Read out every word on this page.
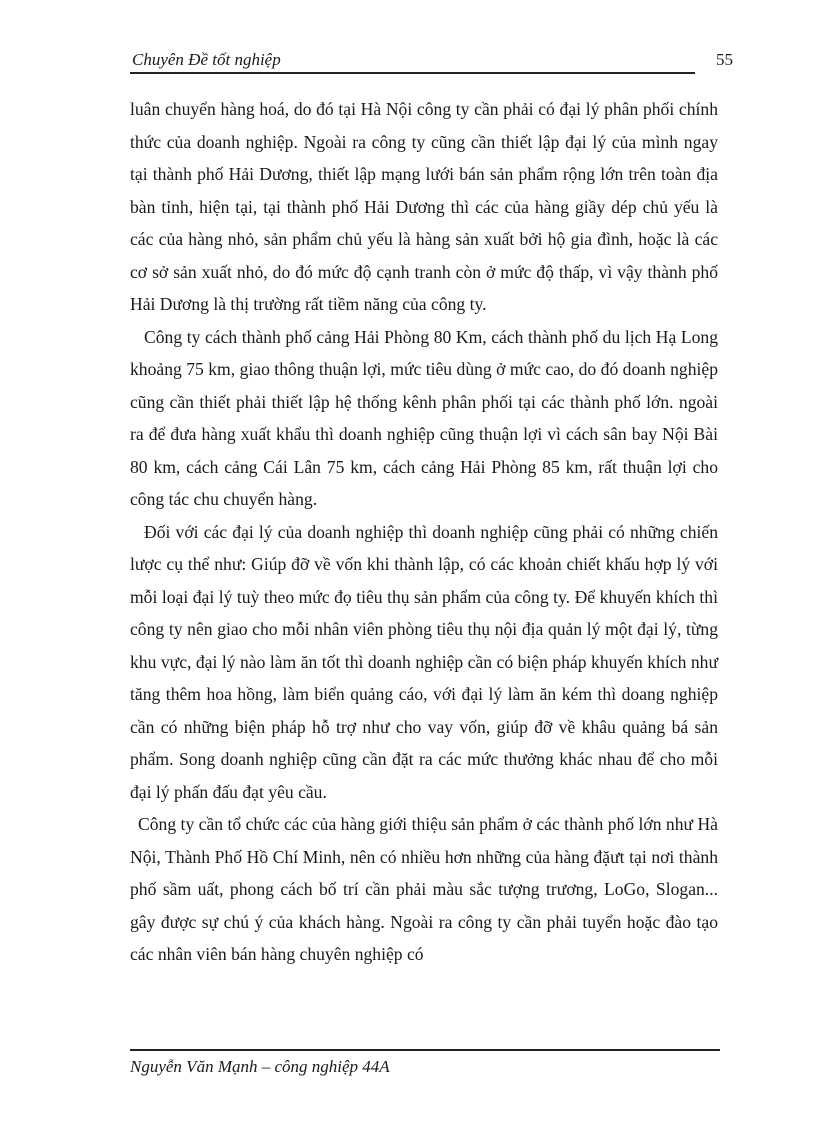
Chuyên Đề tốt nghiệp	55

luân chuyển hàng hoá, do đó tại Hà Nội công ty cần phải có đại lý phân phối chính thức của doanh nghiệp. Ngoài ra công ty cũng cần thiết lập đại lý của mình ngay tại thành phố Hải Dương, thiết lập mạng lưới bán sản phẩm rộng lớn trên toàn địa bàn tỉnh, hiện tại, tại thành phố Hải Dương thì các của hàng giầy dép chủ yếu là các của hàng nhỏ, sản phẩm chủ yếu là hàng sản xuất bởi hộ gia đình, hoặc là các cơ sở sản xuất nhỏ, do đó mức độ cạnh tranh còn ở mức độ thấp, vì vậy thành phố Hải Dương là thị trường rất tiềm năng của công ty.

Công ty cách thành phố cảng Hải Phòng 80 Km, cách thành phố du lịch Hạ Long khoảng 75 km, giao thông thuận lợi, mức tiêu dùng ở mức cao, do đó doanh nghiệp cũng cần thiết phải thiết lập hệ thống kênh phân phối tại các thành phố lớn. ngoài ra để đưa hàng xuất khẩu thì doanh nghiệp cũng thuận lợi vì cách sân bay Nội Bài 80 km, cách cảng Cái Lân 75 km, cách cảng Hải Phòng 85 km, rất thuận lợi cho công tác chu chuyển hàng.

Đối với các đại lý của doanh nghiệp thì doanh nghiệp cũng phải có những chiến lược cụ thể như: Giúp đỡ về vốn khi thành lập, có các khoản chiết khấu hợp lý với mỗi loại đại lý tuỳ theo mức đọ tiêu thụ sản phẩm của công ty. Để khuyến khích thì công ty nên giao cho mỗi nhân viên phòng tiêu thụ nội địa quản lý một đại lý, từng khu vực, đại lý nào làm ăn tốt thì doanh nghiệp cần có biện pháp khuyến khích như tăng thêm hoa hồng, làm biển quảng cáo, với đại lý làm ăn kém thì doang nghiệp cần có những biện pháp hỗ trợ như cho vay vốn, giúp đỡ về khâu quảng bá sản phẩm. Song doanh nghiệp cũng cần đặt ra các mức thưởng khác nhau để cho mỗi đại lý phấn đấu đạt yêu cầu.

Công ty cần tổ chức các của hàng giới thiệu sản phẩm ở các thành phố lớn như Hà Nội, Thành Phố Hồ Chí Minh, nên có nhiều hơn những của hàng đặưt tại nơi thành phố sầm uất, phong cách bố trí cần phải màu sắc tượng trương, LoGo, Slogan... gây được sự chú ý của khách hàng. Ngoài ra công ty cần phải tuyển hoặc đào tạo các nhân viên bán hàng chuyên nghiệp có

Nguyễn Văn Mạnh – công nghiệp 44A
